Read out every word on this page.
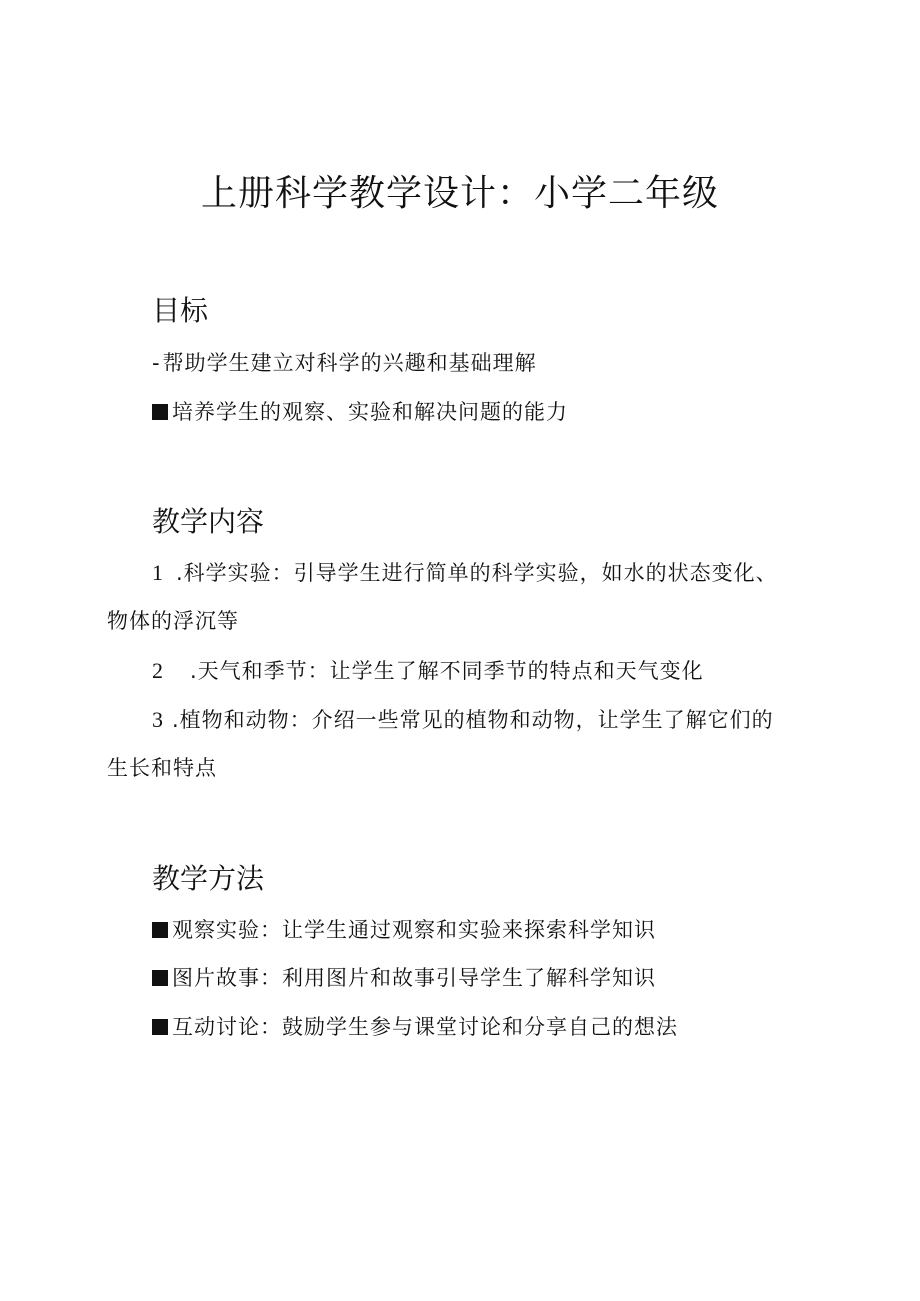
上册科学教学设计：小学二年级
目标
-帮助学生建立对科学的兴趣和基础理解
培养学生的观察、实验和解决问题的能力
教学内容
1 .科学实验：引导学生进行简单的科学实验，如水的状态变化、
物体的浮沉等
2 .天气和季节：让学生了解不同季节的特点和天气变化
3 .植物和动物：介绍一些常见的植物和动物，让学生了解它们的
生长和特点
教学方法
观察实验：让学生通过观察和实验来探索科学知识
图片故事：利用图片和故事引导学生了解科学知识
互动讨论：鼓励学生参与课堂讨论和分享自己的想法
